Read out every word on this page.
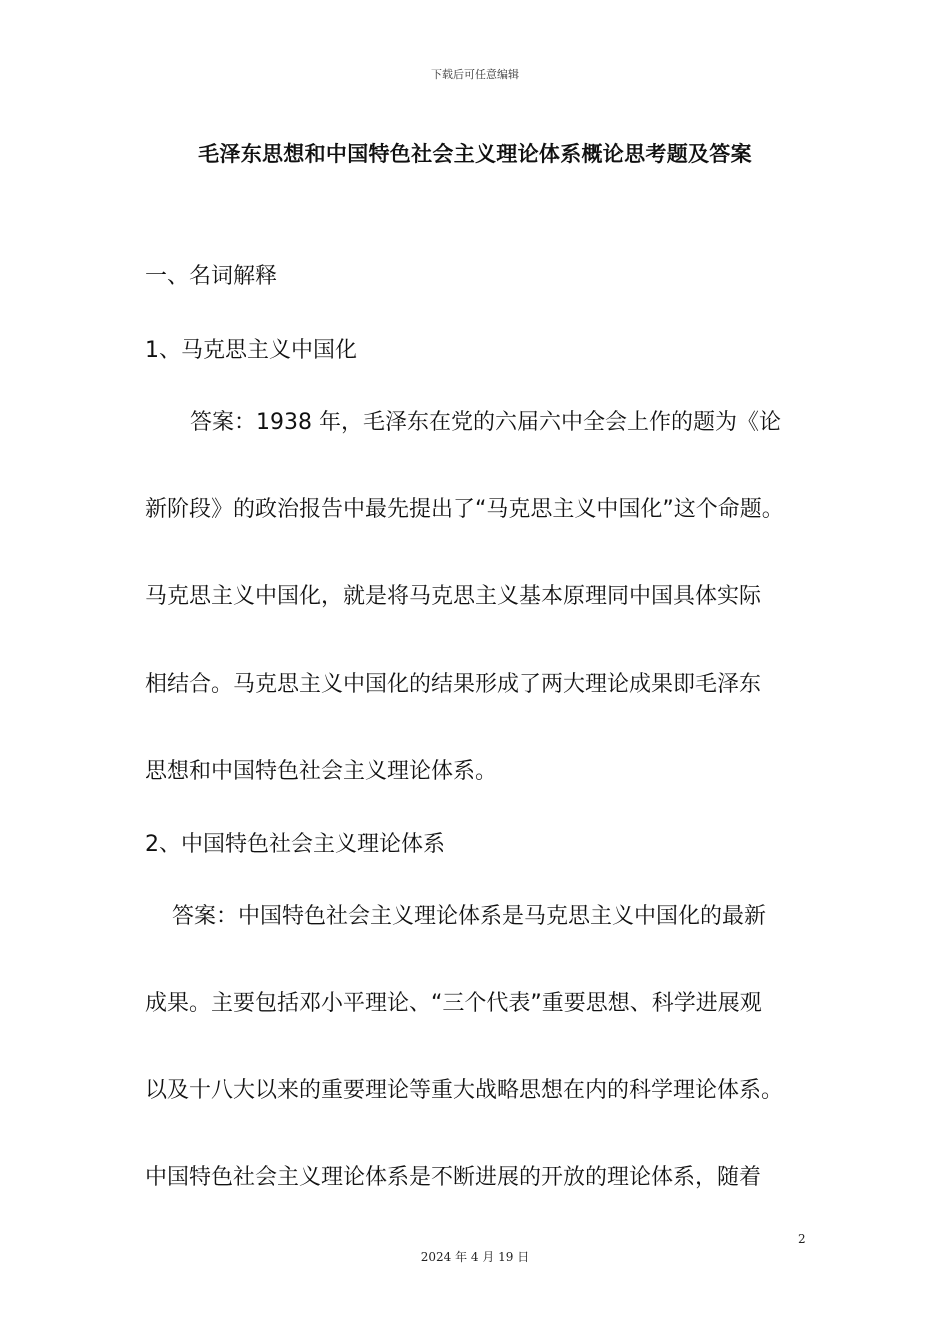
下载后可任意编辑
毛泽东思想和中国特色社会主义理论体系概论思考题及答案
一、名词解释
1、马克思主义中国化
答案：1938 年，毛泽东在党的六届六中全会上作的题为《论
新阶段》的政治报告中最先提出了“马克思主义中国化”这个命题。
马克思主义中国化，就是将马克思主义基本原理同中国具体实际
相结合。马克思主义中国化的结果形成了两大理论成果即毛泽东
思想和中国特色社会主义理论体系。
2、中国特色社会主义理论体系
答案：中国特色社会主义理论体系是马克思主义中国化的最新
成果。主要包括邓小平理论、“三个代表”重要思想、科学进展观
以及十八大以来的重要理论等重大战略思想在内的科学理论体系。
中国特色社会主义理论体系是不断进展的开放的理论体系，随着
2
2024 年 4 月 19 日
